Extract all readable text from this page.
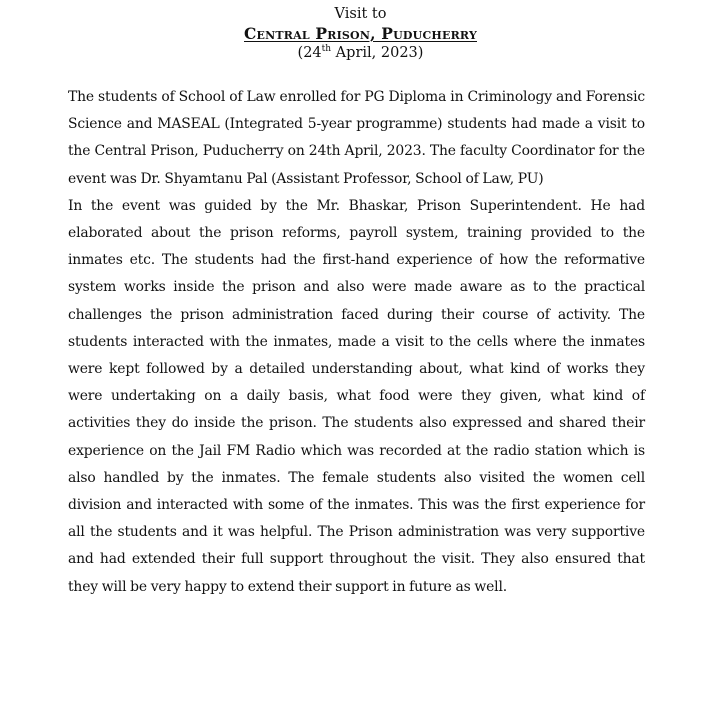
Visit to
Central Prison, Puducherry
(24th April, 2023)

The students of School of Law enrolled for PG Diploma in Criminology and Forensic Science and MASEAL (Integrated 5-year programme) students had made a visit to the Central Prison, Puducherry on 24th April, 2023. The faculty Coordinator for the event was Dr. Shyamtanu Pal (Assistant Professor, School of Law, PU)

In the event was guided by the Mr. Bhaskar, Prison Superintendent. He had elaborated about the prison reforms, payroll system, training provided to the inmates etc. The students had the first-hand experience of how the reformative system works inside the prison and also were made aware as to the practical challenges the prison administration faced during their course of activity. The students interacted with the inmates, made a visit to the cells where the inmates were kept followed by a detailed understanding about, what kind of works they were undertaking on a daily basis, what food were they given, what kind of activities they do inside the prison. The students also expressed and shared their experience on the Jail FM Radio which was recorded at the radio station which is also handled by the inmates. The female students also visited the women cell division and interacted with some of the inmates. This was the first experience for all the students and it was helpful. The Prison administration was very supportive and had extended their full support throughout the visit. They also ensured that they will be very happy to extend their support in future as well.
